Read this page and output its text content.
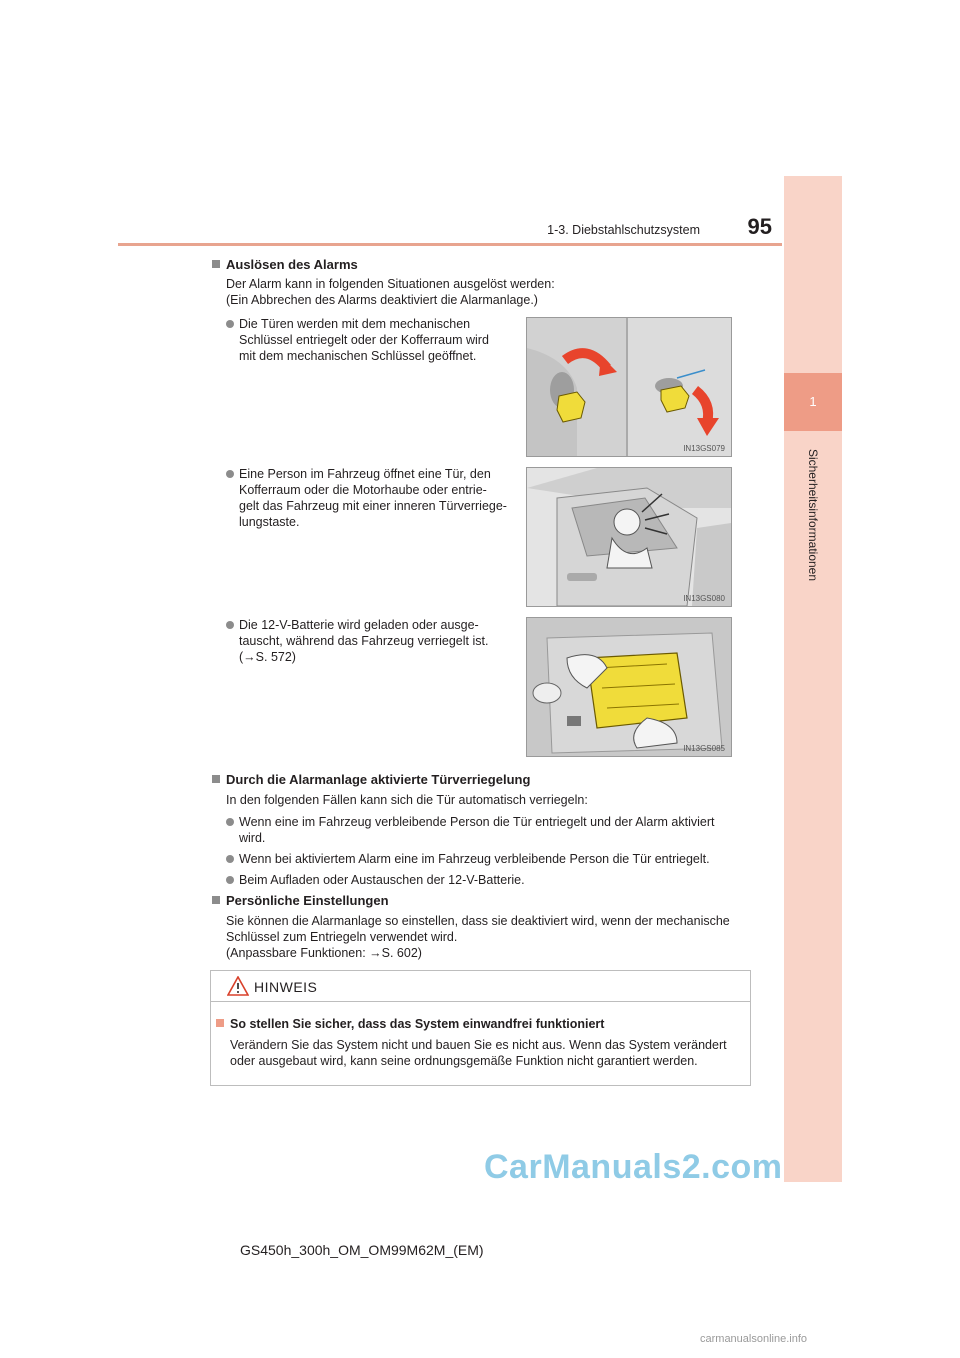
1-3. Diebstahlschutzsystem	95
1
Sicherheitsinformationen
Auslösen des Alarms
Der Alarm kann in folgenden Situationen ausgelöst werden:
(Ein Abbrechen des Alarms deaktiviert die Alarmanlage.)
Die Türen werden mit dem mechanischen
Schlüssel entriegelt oder der Kofferraum wird
mit dem mechanischen Schlüssel geöffnet.
IN13GS079
Eine Person im Fahrzeug öffnet eine Tür, den
Kofferraum oder die Motorhaube oder entrie-
gelt das Fahrzeug mit einer inneren Türverriege-
lungstaste.
IN13GS080
Die 12-V-Batterie wird geladen oder ausge-
tauscht, während das Fahrzeug verriegelt ist.
(→S. 572)
IN13GS085
Durch die Alarmanlage aktivierte Türverriegelung
In den folgenden Fällen kann sich die Tür automatisch verriegeln:
Wenn eine im Fahrzeug verbleibende Person die Tür entriegelt und der Alarm aktiviert
wird.
Wenn bei aktiviertem Alarm eine im Fahrzeug verbleibende Person die Tür entriegelt.
Beim Aufladen oder Austauschen der 12-V-Batterie.
Persönliche Einstellungen
Sie können die Alarmanlage so einstellen, dass sie deaktiviert wird, wenn der mechanische
Schlüssel zum Entriegeln verwendet wird.
(Anpassbare Funktionen: →S. 602)
HINWEIS
So stellen Sie sicher, dass das System einwandfrei funktioniert
Verändern Sie das System nicht und bauen Sie es nicht aus. Wenn das System verändert
oder ausgebaut wird, kann seine ordnungsgemäße Funktion nicht garantiert werden.
GS450h_300h_OM_OM99M62M_(EM)
CarManuals2.com
carmanualsonline.info
